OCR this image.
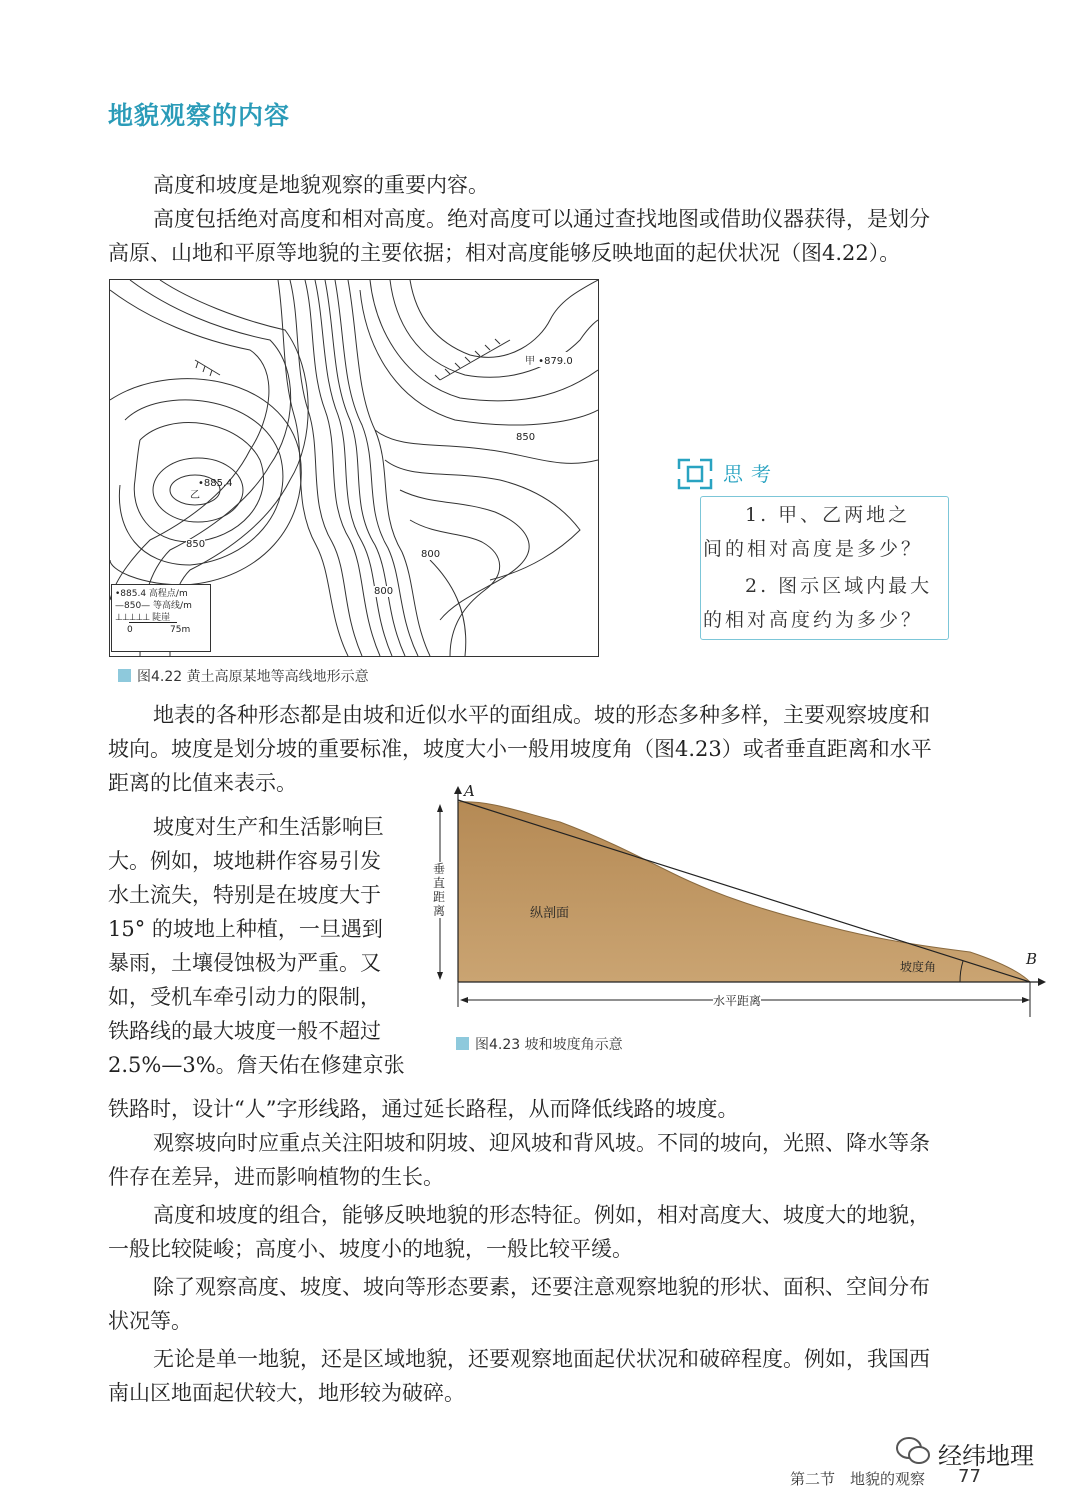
地貌观察的内容
高度和坡度是地貌观察的重要内容。
高度包括绝对高度和相对高度。绝对高度可以通过查找地图或借助仪器获得，是划分
高原、山地和平原等地貌的主要依据；相对高度能够反映地面的起伏状况（图4.22）。
甲 •879.0
•885.4
乙
850
850
800
800
•885.4 高程点/m
—850— 等高线/m
⊥⊥⊥⊥⊥ 陡崖
0	75m
图4.22 黄土高原某地等高线地形示意
思考
1. 甲、乙两地之
间的相对高度是多少？
2. 图示区域内最大
的相对高度约为多少？
地表的各种形态都是由坡和近似水平的面组成。坡的形态多种多样，主要观察坡度和
坡向。坡度是划分坡的重要标准，坡度大小一般用坡度角（图4.23）或者垂直距离和水平
距离的比值来表示。
坡度对生产和生活影响巨
大。例如，坡地耕作容易引发
水土流失，特别是在坡度大于
15° 的坡地上种植，一旦遇到
暴雨，土壤侵蚀极为严重。又
如，受机车牵引动力的限制，
铁路线的最大坡度一般不超过
2.5%—3%。詹天佑在修建京张
铁路时，设计“人”字形线路，通过延长路程，从而降低线路的坡度。
A
B
垂直距离
水平距离
纵剖面
坡度角
图4.23 坡和坡度角示意
观察坡向时应重点关注阳坡和阴坡、迎风坡和背风坡。不同的坡向，光照、降水等条
件存在差异，进而影响植物的生长。
高度和坡度的组合，能够反映地貌的形态特征。例如，相对高度大、坡度大的地貌，
一般比较陡峻；高度小、坡度小的地貌，一般比较平缓。
除了观察高度、坡度、坡向等形态要素，还要注意观察地貌的形状、面积、空间分布
状况等。
无论是单一地貌，还是区域地貌，还要观察地面起伏状况和破碎程度。例如，我国西
南山区地面起伏较大，地形较为破碎。
经纬地理
第二节　地貌的观察 77
